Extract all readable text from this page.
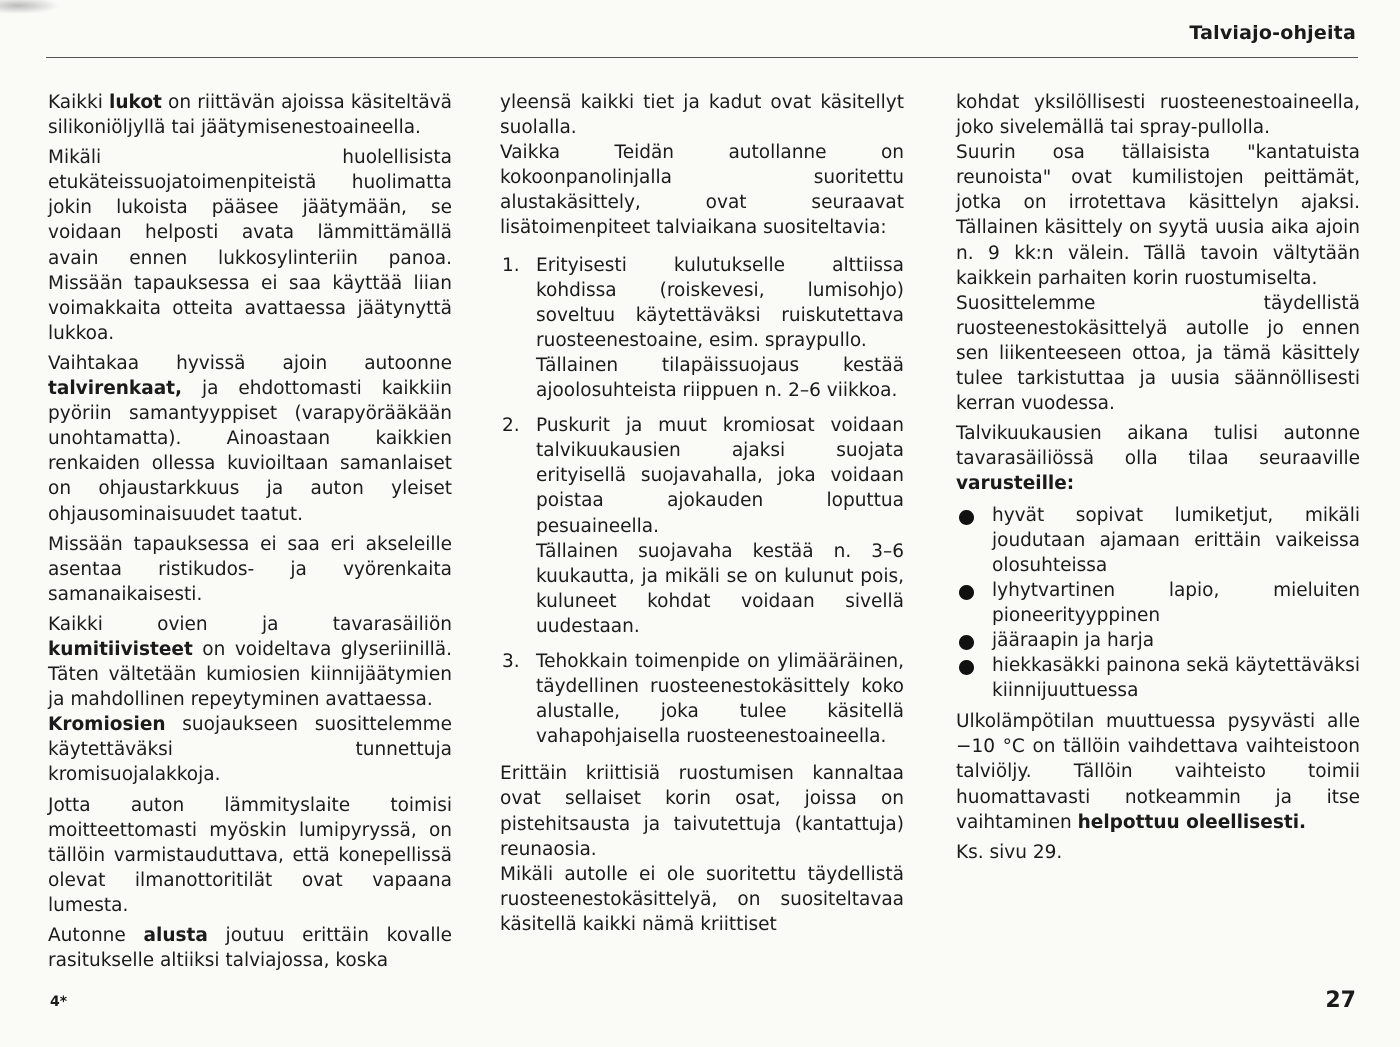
Talviajo-ohjeita

Kaikki lukot on riittävän ajoissa käsiteltävä silikoniöljyllä tai jäätymisenestoaineella.

Mikäli huolellisista etukäteissuojatoimenpiteistä huolimatta jokin lukoista pääsee jäätymään, se voidaan helposti avata lämmittämällä avain ennen lukkosylinteriin panoa. Missään tapauksessa ei saa käyttää liian voimakkaita otteita avattaessa jäätynyttä lukkoa.

Vaihtakaa hyvissä ajoin autoonne talvirenkaat, ja ehdottomasti kaikkiin pyöriin samantyyppiset (varapyörääkään unohtamatta). Ainoastaan kaikkien renkaiden ollessa kuvioiltaan samanlaiset on ohjaustarkkuus ja auton yleiset ohjausominaisuudet taatut.

Missään tapauksessa ei saa eri akseleille asentaa ristikudos- ja vyörenkaita samanaikaisesti.

Kaikki ovien ja tavarasäiliön kumitiivisteet on voideltava glyseriinillä. Täten vältetään kumiosien kiinnijäätymien ja mahdollinen repeytyminen avattaessa.

Kromiosien suojaukseen suosittelemme käytettäväksi tunnettuja kromisuojalakkoja.

Jotta auton lämmityslaite toimisi moitteettomasti myöskin lumipyryssä, on tällöin varmistauduttava, että konepellissä olevat ilmanottoritilät ovat vapaana lumesta.

Autonne alusta joutuu erittäin kovalle rasitukselle altiiksi talviajossa, koska

yleensä kaikki tiet ja kadut ovat käsitellyt suolalla.

Vaikka Teidän autollanne on kokoonpanolinjalla suoritettu alustakäsittely, ovat seuraavat lisätoimenpiteet talviaikana suositeltavia:

1. Erityisesti kulutukselle alttiissa kohdissa (roiskevesi, lumisohjo) soveltuu käytettäväksi ruiskutettava ruosteenestoaine, esim. spraypullo.
Tällainen tilapäissuojaus kestää ajoolosuhteista riippuen n. 2–6 viikkoa.
2. Puskurit ja muut kromiosat voidaan talvikuukausien ajaksi suojata erityisellä suojavahalla, joka voidaan poistaa ajokauden loputtua pesuaineella.
Tällainen suojavaha kestää n. 3–6 kuukautta, ja mikäli se on kulunut pois, kuluneet kohdat voidaan sivellä uudestaan.
3. Tehokkain toimenpide on ylimääräinen, täydellinen ruosteenestokäsittely koko alustalle, joka tulee käsitellä vahapohjaisella ruosteenestoaineella.

Erittäin kriittisiä ruostumisen kannaltaa ovat sellaiset korin osat, joissa on pistehitsausta ja taivutettuja (kantattuja) reunaosia.

Mikäli autolle ei ole suoritettu täydellistä ruosteenestokäsittelyä, on suositeltavaa käsitellä kaikki nämä kriittiset

kohdat yksilöllisesti ruosteenestoaineella, joko sivelemällä tai spray-pullolla.

Suurin osa tällaisista "kantatuista reunoista" ovat kumilistojen peittämät, jotka on irrotettava käsittelyn ajaksi. Tällainen käsittely on syytä uusia aika ajoin n. 9 kk:n välein. Tällä tavoin vältytään kaikkein parhaiten korin ruostumiselta.

Suosittelemme täydellistä ruosteenestokäsittelyä autolle jo ennen sen liikenteeseen ottoa, ja tämä käsittely tulee tarkistuttaa ja uusia säännöllisesti kerran vuodessa.

Talvikuukausien aikana tulisi autonne tavarasäiliössä olla tilaa seuraaville varusteille:

hyvät sopivat lumiketjut, mikäli joudutaan ajamaan erittäin vaikeissa olosuhteissa
lyhytvartinen lapio, mieluiten pioneerityyppinen
jääraapin ja harja
hiekkasäkki painona sekä käytettäväksi kiinnijuuttuessa

Ulkolämpötilan muuttuessa pysyvästi alle −10 °C on tällöin vaihdettava vaihteistoon talviöljy. Tällöin vaihteisto toimii huomattavasti notkeammin ja itse vaihtaminen helpottuu oleellisesti.

Ks. sivu 29.

4*	27
